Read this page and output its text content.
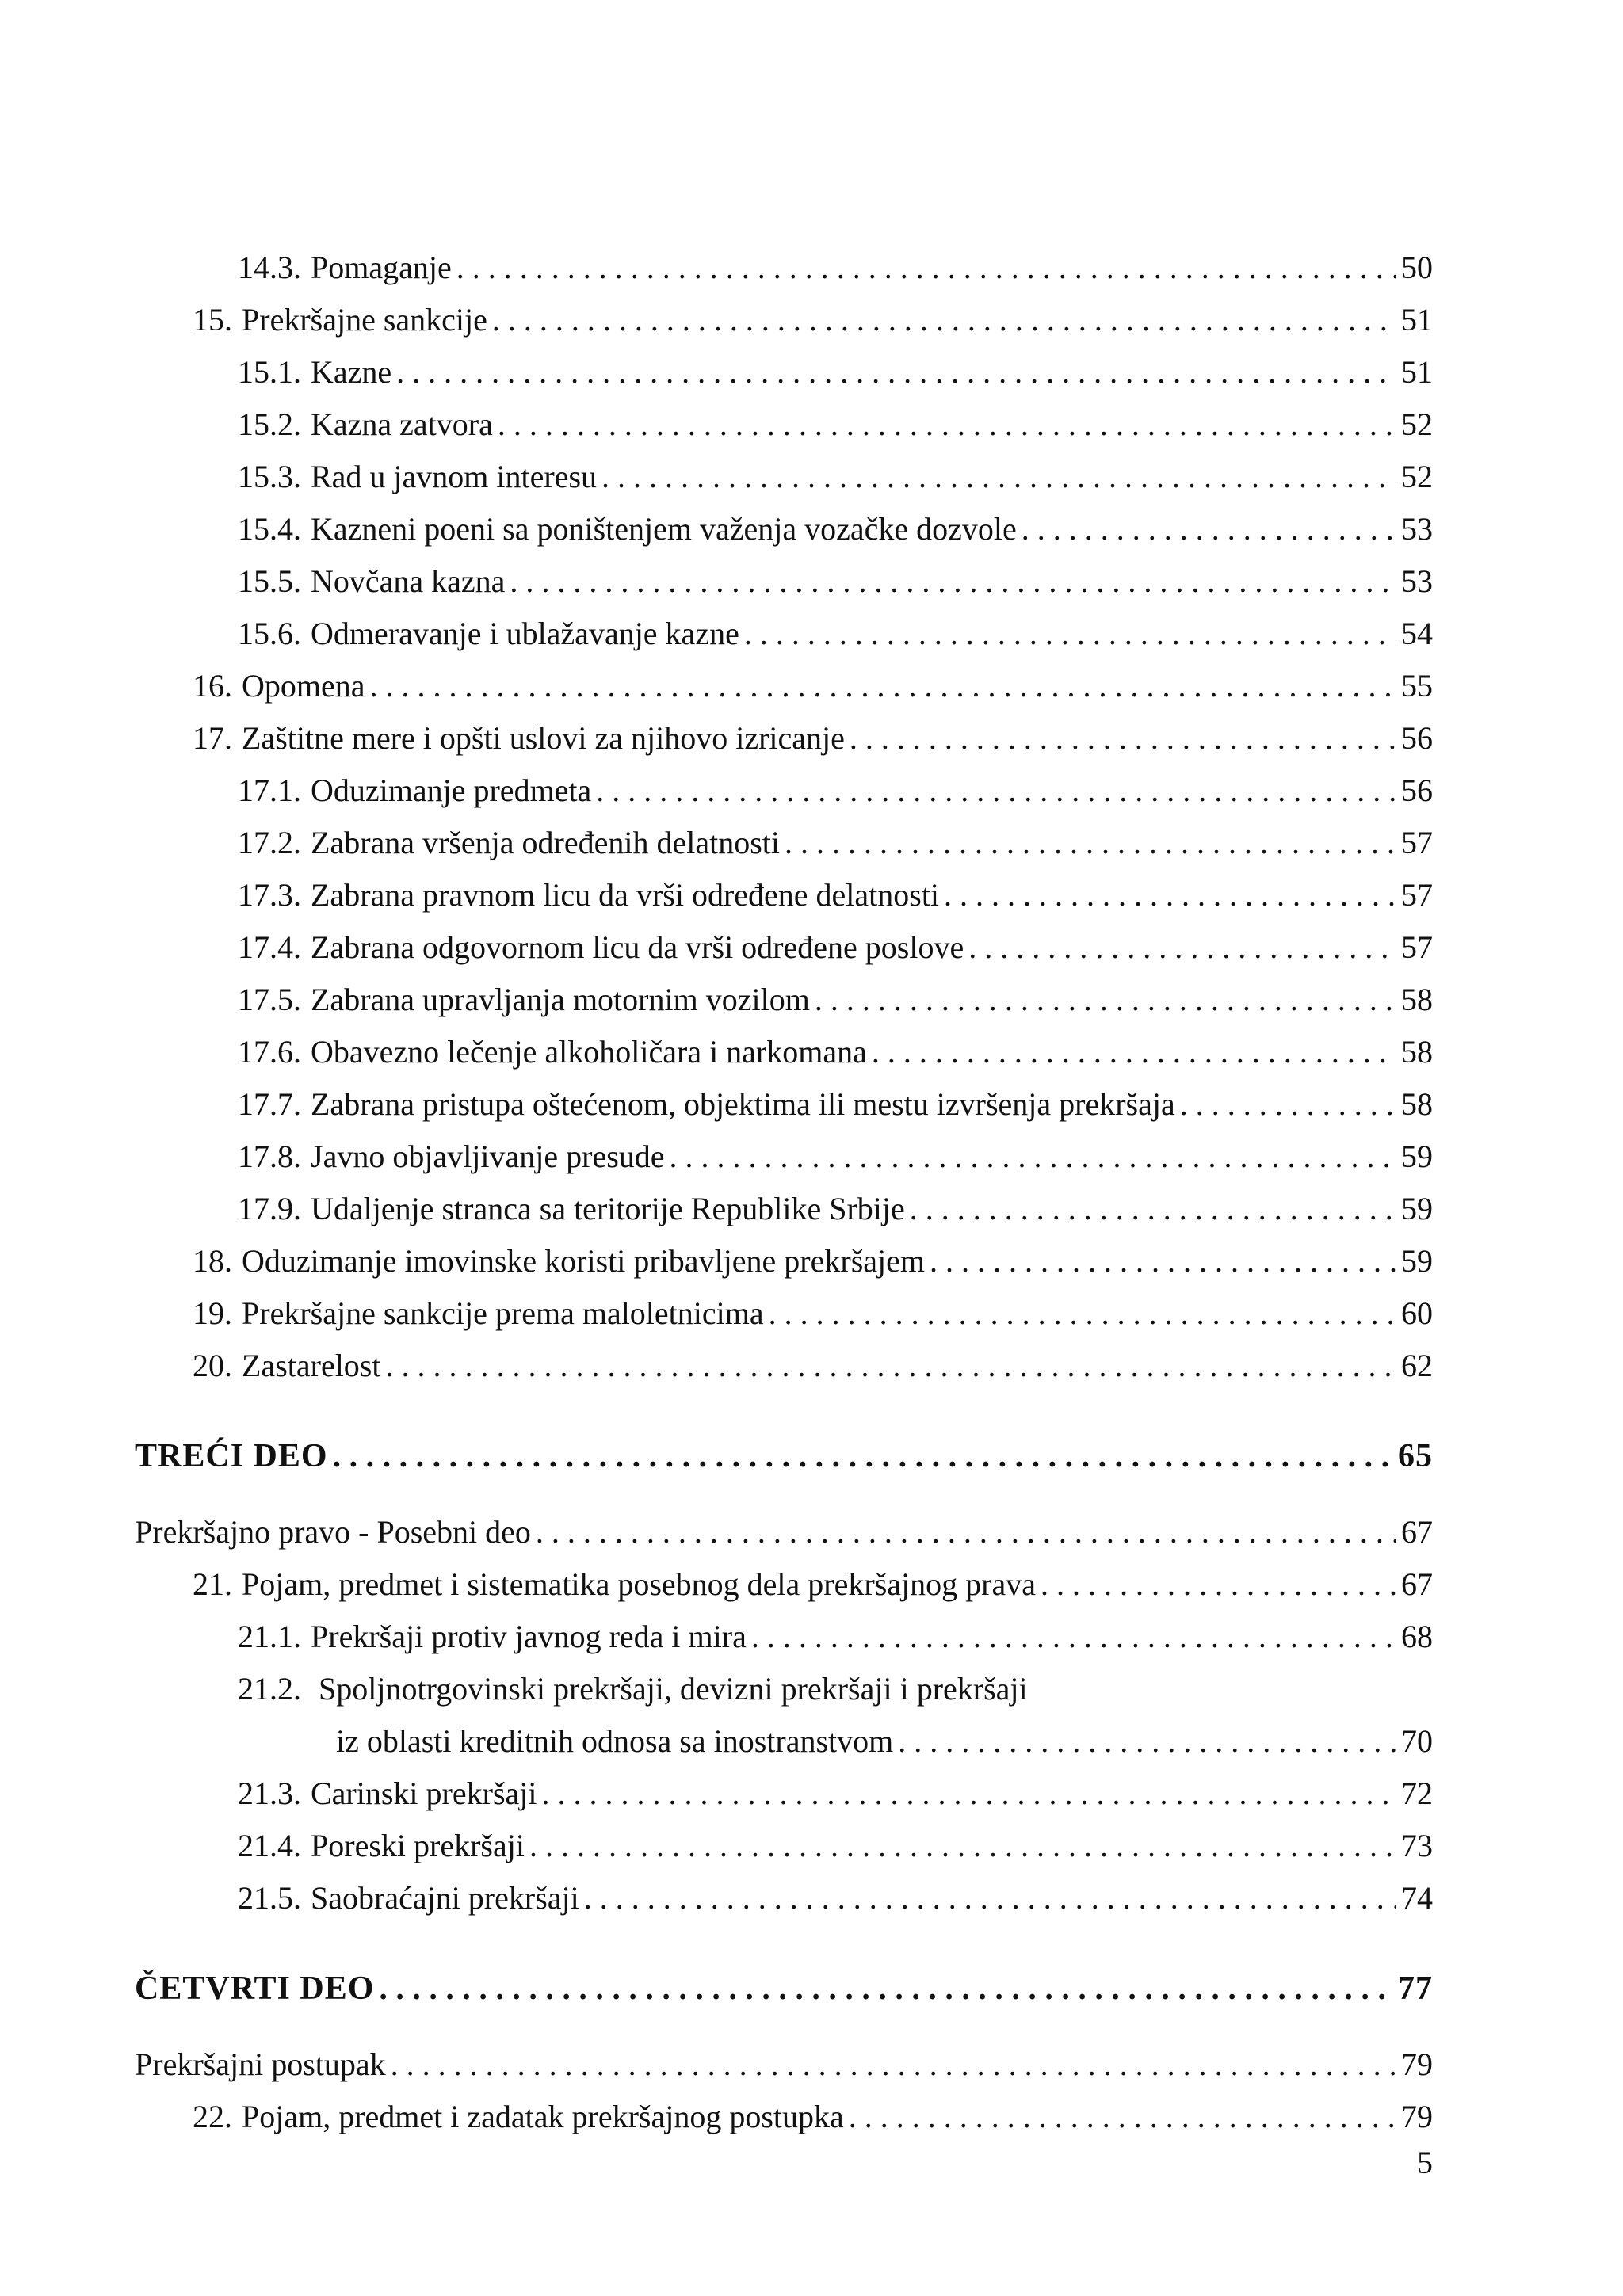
14.3. Pomaganje . . .	50
15. Prekršajne sankcije . . .	51
15.1. Kazne . . .	51
15.2. Kazna zatvora . . .	52
15.3. Rad u javnom interesu . . .	52
15.4. Kazneni poeni sa poništenjem važenja vozačke dozvole . . .	53
15.5. Novčana kazna . . .	53
15.6. Odmeravanje i ublažavanje kazne . . .	54
16. Opomena . . .	55
17. Zaštitne mere i opšti uslovi za njihovo izricanje . . .	56
17.1. Oduzimanje predmeta . . .	56
17.2. Zabrana vršenja određenih delatnosti . . .	57
17.3. Zabrana pravnom licu da vrši određene delatnosti . . .	57
17.4. Zabrana odgovornom licu da vrši određene poslove . . .	57
17.5. Zabrana upravljanja motornim vozilom . . .	58
17.6. Obavezno lečenje alkoholičara i narkomana . . .	58
17.7. Zabrana pristupa oštećenom, objektima ili mestu izvršenja prekršaja . . .	58
17.8. Javno objavljivanje presude . . .	59
17.9. Udaljenje stranca sa teritorije Republike Srbije . . .	59
18. Oduzimanje imovinske koristi pribavljene prekršajem . . .	59
19. Prekršajne sankcije prema maloletnicima . . .	60
20. Zastarelost . . .	62
TREĆI DEO . . .	65
Prekršajno pravo - Posebni deo . . .	67
21. Pojam, predmet i sistematika posebnog dela prekršajnog prava . . .	67
21.1. Prekršaji protiv javnog reda i mira . . .	68
21.2. Spoljnotrgovinski prekršaji, devizni prekršaji i prekršaji
iz oblasti kreditnih odnosa sa inostranstvom . . .	70
21.3. Carinski prekršaji . . .	72
21.4. Poreski prekršaji . . .	73
21.5. Saobraćajni prekršaji . . .	74
ČETVRTI DEO . . .	77
Prekršajni postupak . . .	79
22. Pojam, predmet i zadatak prekršajnog postupka . . .	79
5
